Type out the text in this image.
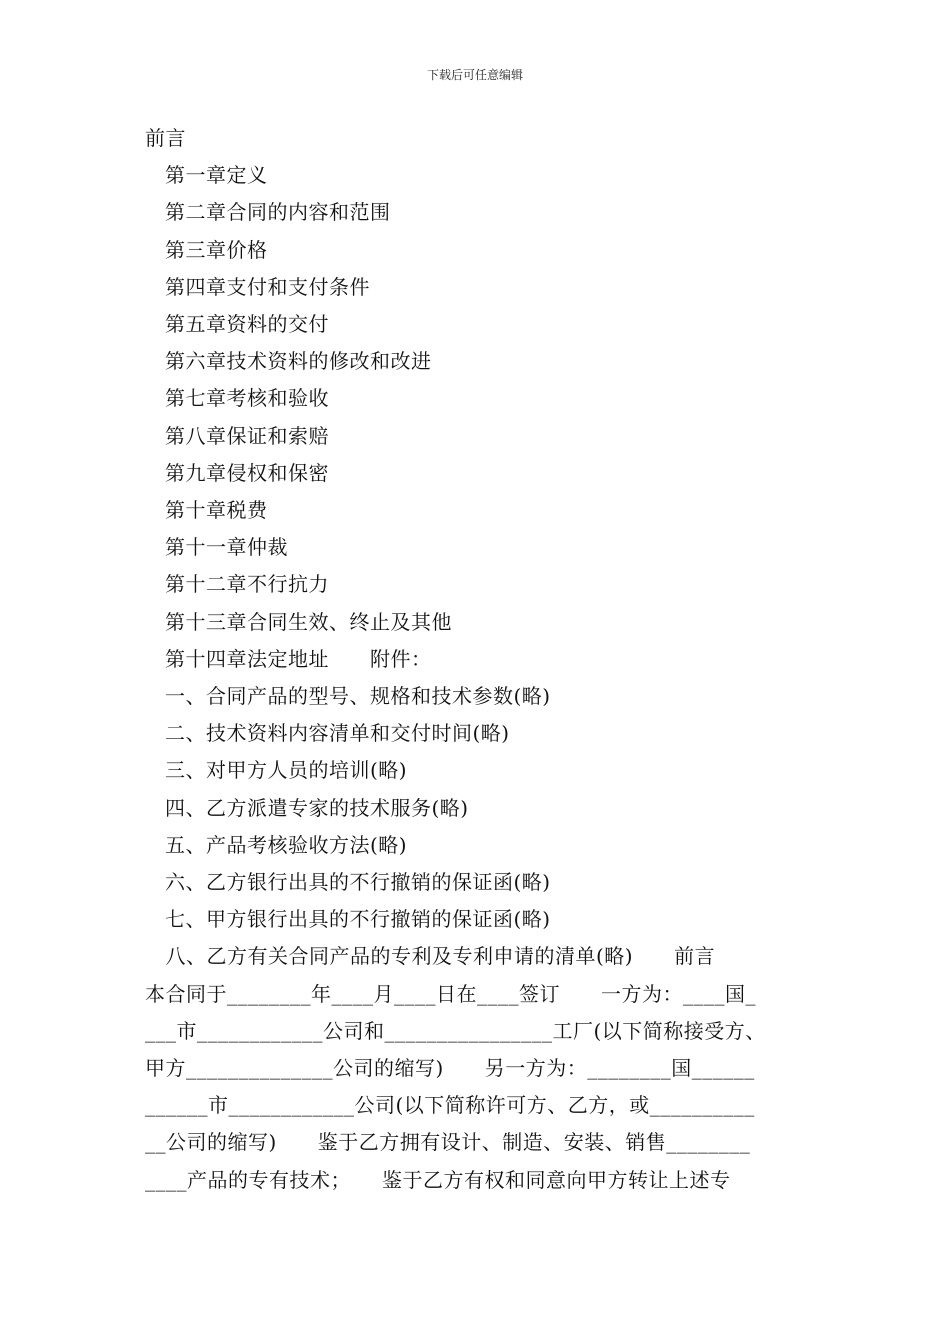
下载后可任意编辑
前言
第一章定义
第二章合同的内容和范围
第三章价格
第四章支付和支付条件
第五章资料的交付
第六章技术资料的修改和改进
第七章考核和验收
第八章保证和索赔
第九章侵权和保密
第十章税费
第十一章仲裁
第十二章不行抗力
第十三章合同生效、终止及其他
第十四章法定地址　　附件：
一、合同产品的型号、规格和技术参数(略)
二、技术资料内容清单和交付时间(略)
三、对甲方人员的培训(略)
四、乙方派遣专家的技术服务(略)
五、产品考核验收方法(略)
六、乙方银行出具的不行撤销的保证函(略)
七、甲方银行出具的不行撤销的保证函(略)
　八、乙方有关合同产品的专利及专利申请的清单(略)　　前言
本合同于________年____月____日在____签订　　一方为：____国_
___市____________公司和________________工厂(以下简称接受方、
甲方______________公司的缩写)　　另一方为：________国______
______市____________公司(以下简称许可方、乙方，或__________
__公司的缩写)　　鉴于乙方拥有设计、制造、安装、销售________
____产品的专有技术；　　鉴于乙方有权和同意向甲方转让上述专
